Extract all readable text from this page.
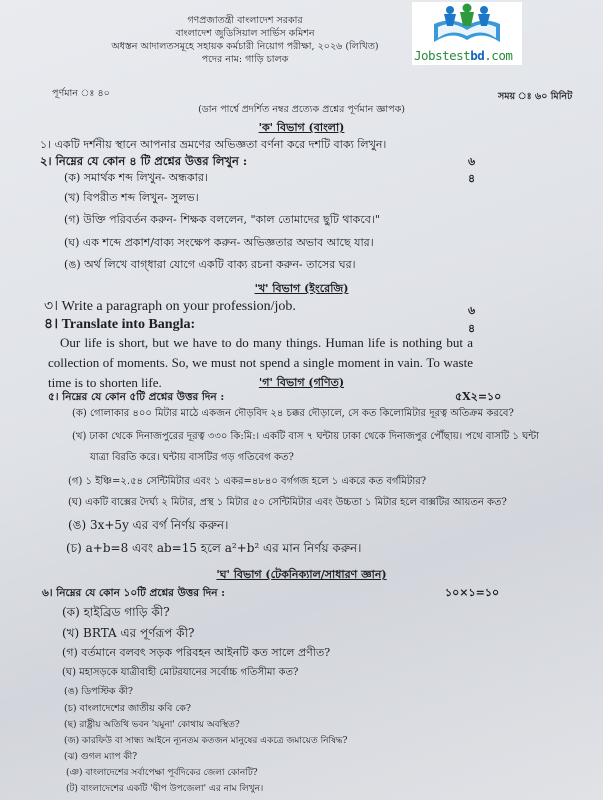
Jobstestbd.com
গণপ্রজাতন্ত্রী বাংলাদেশ সরকার
বাংলাদেশ জুডিসিয়াল সার্ভিস কমিশন
অধস্তন আদালতসমূহে সহায়ক কর্মচারী নিয়োগ পরীক্ষা, ২০২৬ (লিখিত)
পদের নাম: গাড়ি চালক
পূর্ণমান ঃ ৪০	সময় ঃ ৬০ মিনিট
(ডান পার্শ্বে প্রদর্শিত নম্বর প্রত্যেক প্রশ্নের পূর্ণমান জ্ঞাপক)
'ক' বিভাগ (বাংলা)
১। একটি দর্শনীয় স্থানে আপনার ভ্রমণের অভিজ্ঞতা বর্ণনা করে দশটি বাক্য লিখুন।
৬
২। নিম্নের যে কোন ৪ টি প্রশ্নের উত্তর লিখুন :
৪
(ক) সমার্থক শব্দ লিখুন- অন্ধকার।
(খ) বিপরীত শব্দ লিখুন- সুলভ।
(গ) উক্তি পরিবর্তন করুন- শিক্ষক বললেন, "কাল তোমাদের ছুটি থাকবে।"
(ঘ) এক শব্দে প্রকাশ/বাক্য সংক্ষেপ করুন- অভিজ্ঞতার অভাব আছে যার।
(ঙ) অর্থ লিখে বাগ্‌ধারা যোগে একটি বাক্য রচনা করুন- তাসের ঘর।
'খ' বিভাগ (ইংরেজি)
৩। Write a paragraph on your profession/job.	৬
৪। Translate into Bangla:	৪
Our life is short, but we have to do many things. Human life is nothing but a collection of moments. So, we must not spend a single moment in vain. To waste time is to shorten life.	'গ' বিভাগ (গণিত)
৫। নিম্নের যে কোন ৫টি প্রশ্নের উত্তর দিন :	৫X২=১০
(ক) গোলাকার ৪০০ মিটার মাঠে একজন দৌড়বিদ ২৪ চক্কর দৌড়ালে, সে কত কিলোমিটার দূরত্ব অতিক্রম করবে?
(খ) ঢাকা থেকে দিনাজপুরের দূরত্ব ৩৩০ কি:মি:। একটি বাস ৭ ঘন্টায় ঢাকা থেকে দিনাজপুর পৌঁছায়। পথে বাসটি ১ ঘন্টা
যাত্রা বিরতি করে। ঘন্টায় বাসটির গড় গতিবেগ কত?
(গ) ১ ইঞ্চি=২.৫৪ সেন্টিমিটার এবং ১ একর=৪৮৪০ বর্গগজ হলে ১ একরে কত বর্গমিটার?
(ঘ) একটি বাক্সের দৈর্ঘ্য ২ মিটার, প্রস্থ ১ মিটার ৫০ সেন্টিমিটার এবং উচ্চতা ১ মিটার হলে বাক্সটির আয়তন কত?
(ঙ) 3x+5y এর বর্গ নির্ণয় করুন।
(চ) a+b=8 এবং ab=15 হলে a²+b² এর মান নির্ণয় করুন।
'ঘ' বিভাগ (টেকনিক্যাল/সাধারণ জ্ঞান)
৬। নিম্নের যে কোন ১০টি প্রশ্নের উত্তর দিন :	১০×১=১০
(ক) হাইব্রিড গাড়ি কী?
(খ) BRTA এর পূর্ণরূপ কী?
(গ) বর্তমানে বলবৎ সড়ক পরিবহন আইনটি কত সালে প্রণীত?
(ঘ) মহাসড়কে যাত্রীবাহী মোটরযানের সর্বোচ্চ গতিসীমা কত?
(ঙ) ডিপস্টিক কী?
(চ) বাংলাদেশের জাতীয় কবি কে?
(ছ) রাষ্ট্রীয় অতিথি ভবন 'যমুনা' কোথায় অবস্থিত?
(জ) কারফিউ বা সান্ধ্য আইনে ন্যূনতম কতজন মানুষের একত্রে জমায়েত নিষিদ্ধ?
(ঝ) গুগল ম্যাপ কী?
(ঞ) বাংলাদেশের সর্বাপেক্ষা পূর্বদিকের জেলা কোনটি?
(ট) বাংলাদেশের একটি 'দ্বীপ উপজেলা' এর নাম লিখুন।
